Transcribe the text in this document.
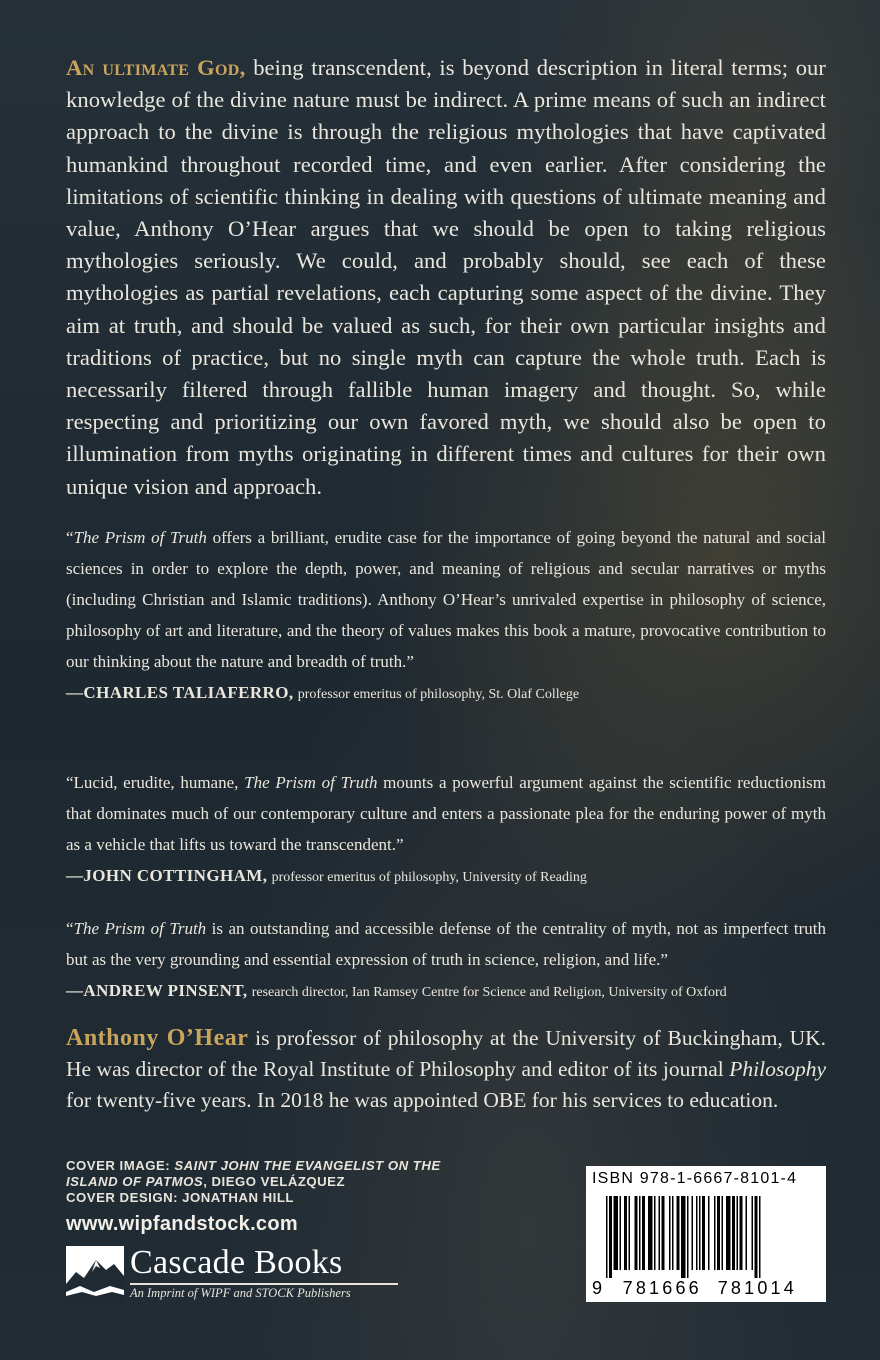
An ultimate God, being transcendent, is beyond description in literal terms; our knowledge of the divine nature must be indirect. A prime means of such an indirect approach to the divine is through the religious mythologies that have captivated humankind throughout recorded time, and even earlier. After considering the limitations of scientific thinking in dealing with questions of ultimate meaning and value, Anthony O’Hear argues that we should be open to taking religious mythologies seriously. We could, and probably should, see each of these mythologies as partial revelations, each capturing some aspect of the divine. They aim at truth, and should be valued as such, for their own particular insights and traditions of practice, but no single myth can capture the whole truth. Each is necessarily filtered through fallible human imagery and thought. So, while respecting and prioritizing our own favored myth, we should also be open to illumination from myths originating in different times and cultures for their own unique vision and approach.
“The Prism of Truth offers a brilliant, erudite case for the importance of going beyond the natural and social sciences in order to explore the depth, power, and meaning of religious and secular narratives or myths (including Christian and Islamic traditions). Anthony O’Hear’s unrivaled expertise in philosophy of science, philosophy of art and literature, and the theory of values makes this book a mature, provocative contribution to our thinking about the nature and breadth of truth.”
—CHARLES TALIAFERRO, professor emeritus of philosophy, St. Olaf College
“Lucid, erudite, humane, The Prism of Truth mounts a powerful argument against the scientific reductionism that dominates much of our contemporary culture and enters a passionate plea for the enduring power of myth as a vehicle that lifts us toward the transcendent.”
—JOHN COTTINGHAM, professor emeritus of philosophy, University of Reading
“The Prism of Truth is an outstanding and accessible defense of the centrality of myth, not as imperfect truth but as the very grounding and essential expression of truth in science, religion, and life.”
—ANDREW PINSENT, research director, Ian Ramsey Centre for Science and Religion, University of Oxford
Anthony O’Hear is professor of philosophy at the University of Buckingham, UK. He was director of the Royal Institute of Philosophy and editor of its journal Philosophy for twenty-five years. In 2018 he was appointed OBE for his services to education.
COVER IMAGE: SAINT JOHN THE EVANGELIST ON THE ISLAND OF PATMOS, DIEGO VELÁZQUEZ
COVER DESIGN: JONATHAN HILL
www.wipfandstock.com
Cascade Books
An Imprint of WIPF and STOCK Publishers
ISBN 978-1-6667-8101-4
9 781666 781014
